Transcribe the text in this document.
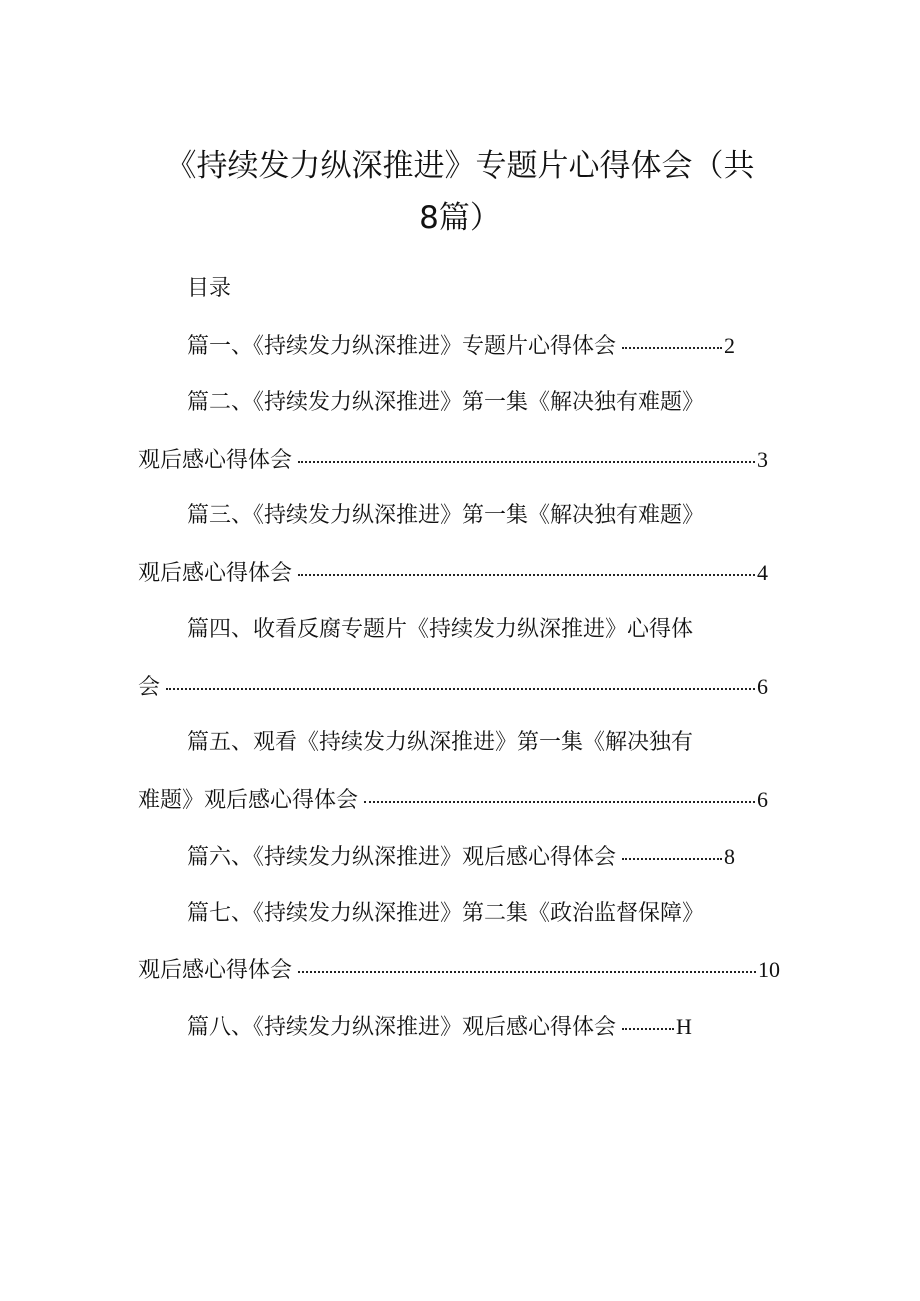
《持续发力纵深推进》专题片心得体会（共
8篇）
目录
篇一、《持续发力纵深推进》专题片心得体会	2
篇二、《持续发力纵深推进》第一集《解决独有难题》
观后感心得体会	3
篇三、《持续发力纵深推进》第一集《解决独有难题》
观后感心得体会	4
篇四、收看反腐专题片《持续发力纵深推进》心得体
会	6
篇五、观看《持续发力纵深推进》第一集《解决独有
难题》观后感心得体会	6
篇六、《持续发力纵深推进》观后感心得体会	8
篇七、《持续发力纵深推进》第二集《政治监督保障》
观后感心得体会	10
篇八、《持续发力纵深推进》观后感心得体会	H
